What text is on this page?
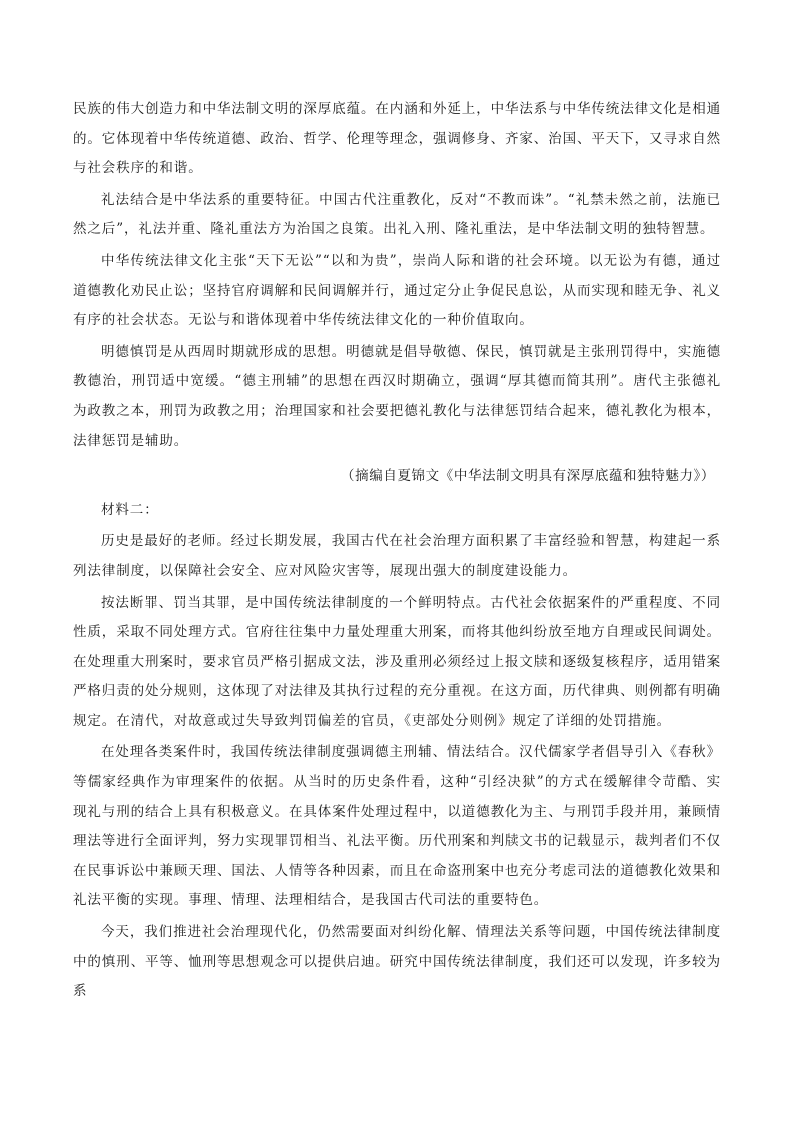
民族的伟大创造力和中华法制文明的深厚底蕴。在内涵和外延上，中华法系与中华传统法律文化是相通的。它体现着中华传统道德、政治、哲学、伦理等理念，强调修身、齐家、治国、平天下，又寻求自然与社会秩序的和谐。

礼法结合是中华法系的重要特征。中国古代注重教化，反对“不教而诛”。“礼禁未然之前，法施已然之后”，礼法并重、隆礼重法方为治国之良策。出礼入刑、隆礼重法，是中华法制文明的独特智慧。

中华传统法律文化主张“天下无讼”“以和为贵”，崇尚人际和谐的社会环境。以无讼为有德，通过道德教化劝民止讼；坚持官府调解和民间调解并行，通过定分止争促民息讼，从而实现和睦无争、礼义有序的社会状态。无讼与和谐体现着中华传统法律文化的一种价值取向。

明德慎罚是从西周时期就形成的思想。明德就是倡导敬德、保民，慎罚就是主张刑罚得中，实施德教德治，刑罚适中宽缓。“德主刑辅”的思想在西汉时期确立，强调“厚其德而简其刑”。唐代主张德礼为政教之本，刑罚为政教之用；治理国家和社会要把德礼教化与法律惩罚结合起来，德礼教化为根本，法律惩罚是辅助。

（摘编自夏锦文《中华法制文明具有深厚底蕴和独特魅力》）

材料二：

历史是最好的老师。经过长期发展，我国古代在社会治理方面积累了丰富经验和智慧，构建起一系列法律制度，以保障社会安全、应对风险灾害等，展现出强大的制度建设能力。

按法断罪、罚当其罪，是中国传统法律制度的一个鲜明特点。古代社会依据案件的严重程度、不同性质，采取不同处理方式。官府往往集中力量处理重大刑案，而将其他纠纷放至地方自理或民间调处。在处理重大刑案时，要求官员严格引据成文法，涉及重刑必须经过上报文牍和逐级复核程序，适用错案严格归责的处分规则，这体现了对法律及其执行过程的充分重视。在这方面，历代律典、则例都有明确规定。在清代，对故意或过失导致判罚偏差的官员，《吏部处分则例》规定了详细的处罚措施。

在处理各类案件时，我国传统法律制度强调德主刑辅、情法结合。汉代儒家学者倡导引入《春秋》等儒家经典作为审理案件的依据。从当时的历史条件看，这种“引经决狱”的方式在缓解律令苛酷、实现礼与刑的结合上具有积极意义。在具体案件处理过程中，以道德教化为主、与刑罚手段并用，兼顾情理法等进行全面评判，努力实现罪罚相当、礼法平衡。历代刑案和判牍文书的记载显示，裁判者们不仅在民事诉讼中兼顾天理、国法、人情等各种因素，而且在命盗刑案中也充分考虑司法的道德教化效果和礼法平衡的实现。事理、情理、法理相结合，是我国古代司法的重要特色。

今天，我们推进社会治理现代化，仍然需要面对纠纷化解、情理法关系等问题，中国传统法律制度中的慎刑、平等、恤刑等思想观念可以提供启迪。研究中国传统法律制度，我们还可以发现，许多较为系
